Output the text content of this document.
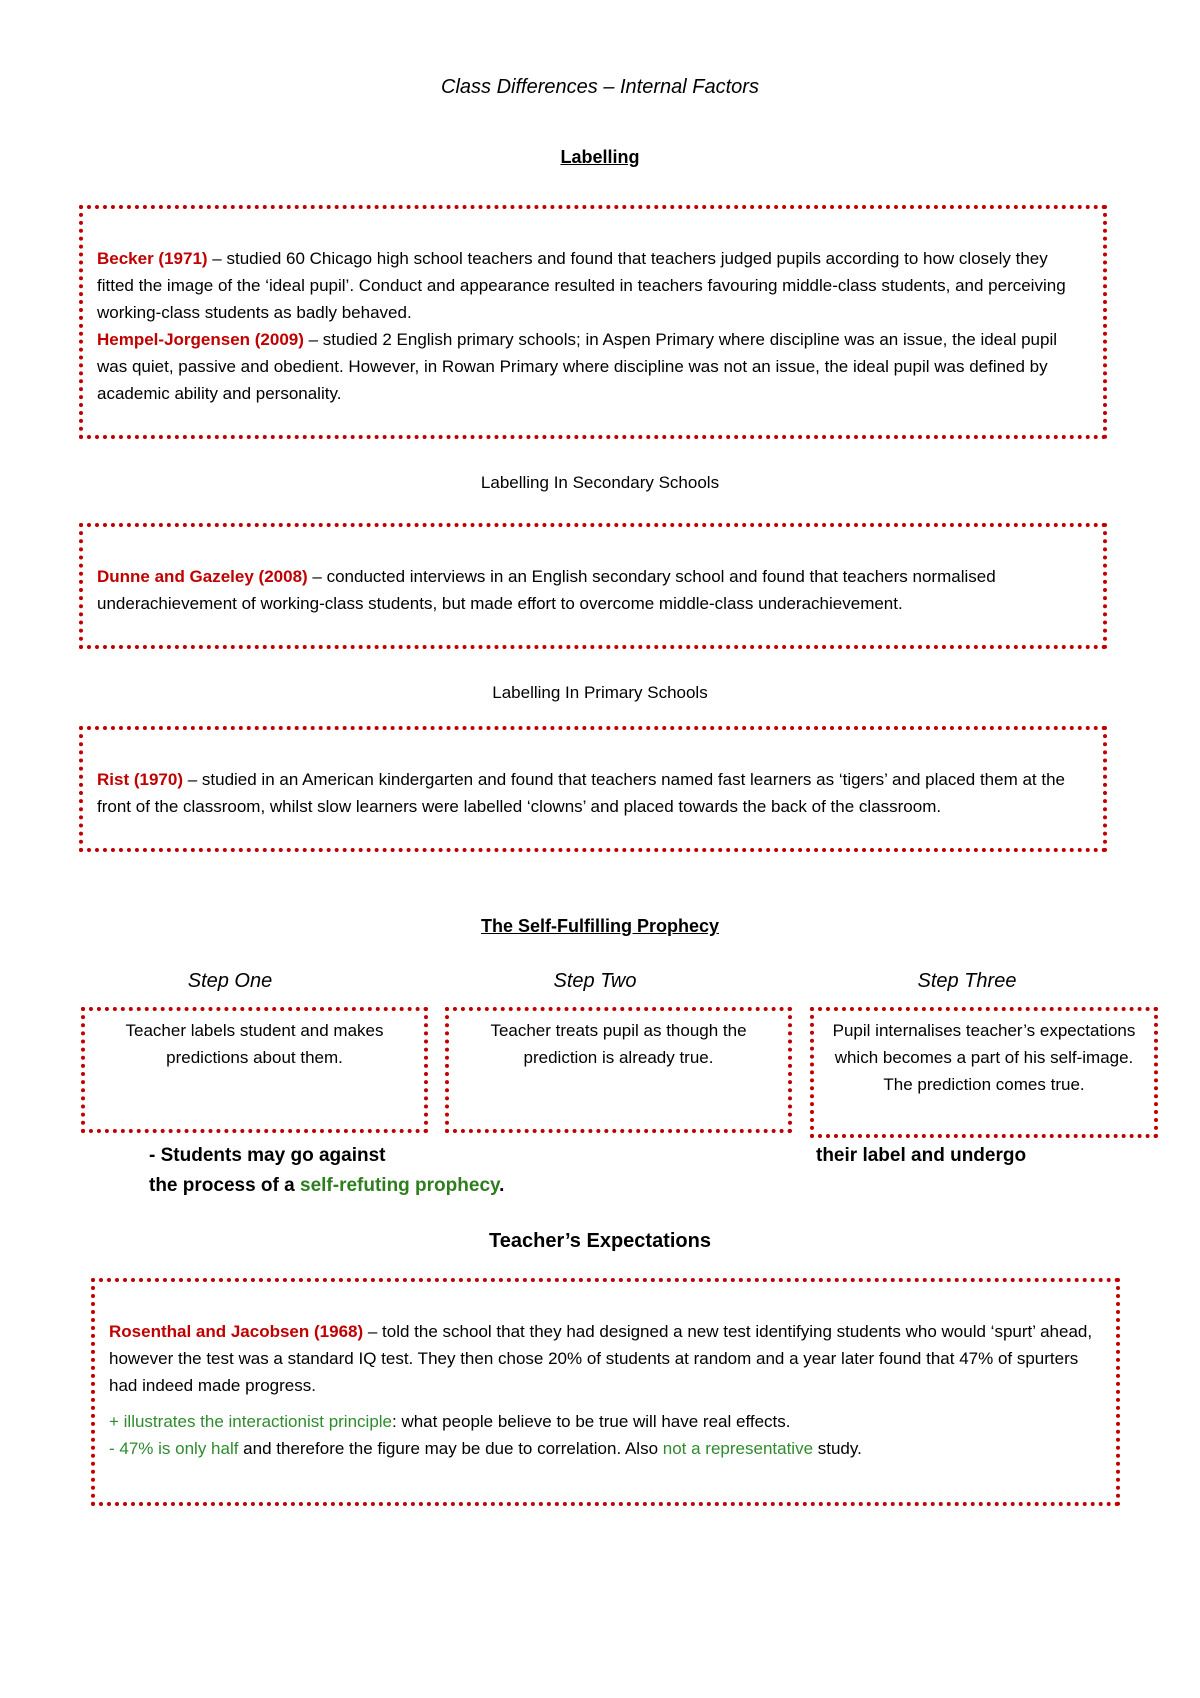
Class Differences – Internal Factors
Labelling

Becker (1971) – studied 60 Chicago high school teachers and found that teachers judged pupils according to how closely they fitted the image of the ‘ideal pupil’. Conduct and appearance resulted in teachers favouring middle-class students, and perceiving working-class students as badly behaved.

Hempel-Jorgensen (2009) – studied 2 English primary schools; in Aspen Primary where discipline was an issue, the ideal pupil was quiet, passive and obedient. However, in Rowan Primary where discipline was not an issue, the ideal pupil was defined by academic ability and personality.

Labelling In Secondary Schools

Dunne and Gazeley (2008) – conducted interviews in an English secondary school and found that teachers normalised underachievement of working-class students, but made effort to overcome middle-class underachievement.

Labelling In Primary Schools

Rist (1970) – studied in an American kindergarten and found that teachers named fast learners as ‘tigers’ and placed them at the front of the classroom, whilst slow learners were labelled ‘clowns’ and placed towards the back of the classroom.

The Self-Fulfilling Prophecy
Step One	Step Two	Step Three
Teacher labels student and makes predictions about them.
Teacher treats pupil as though the prediction is already true.
Pupil internalises teacher’s expectations which becomes a part of his self-image. The prediction comes true.
- Students may go against	their label and undergo
the process of a self-refuting prophecy.
Teacher’s Expectations

Rosenthal and Jacobsen (1968) – told the school that they had designed a new test identifying students who would ‘spurt’ ahead, however the test was a standard IQ test. They then chose 20% of students at random and a year later found that 47% of spurters had indeed made progress.

+ illustrates the interactionist principle: what people believe to be true will have real effects.

- 47% is only half and therefore the figure may be due to correlation. Also not a representative study.
